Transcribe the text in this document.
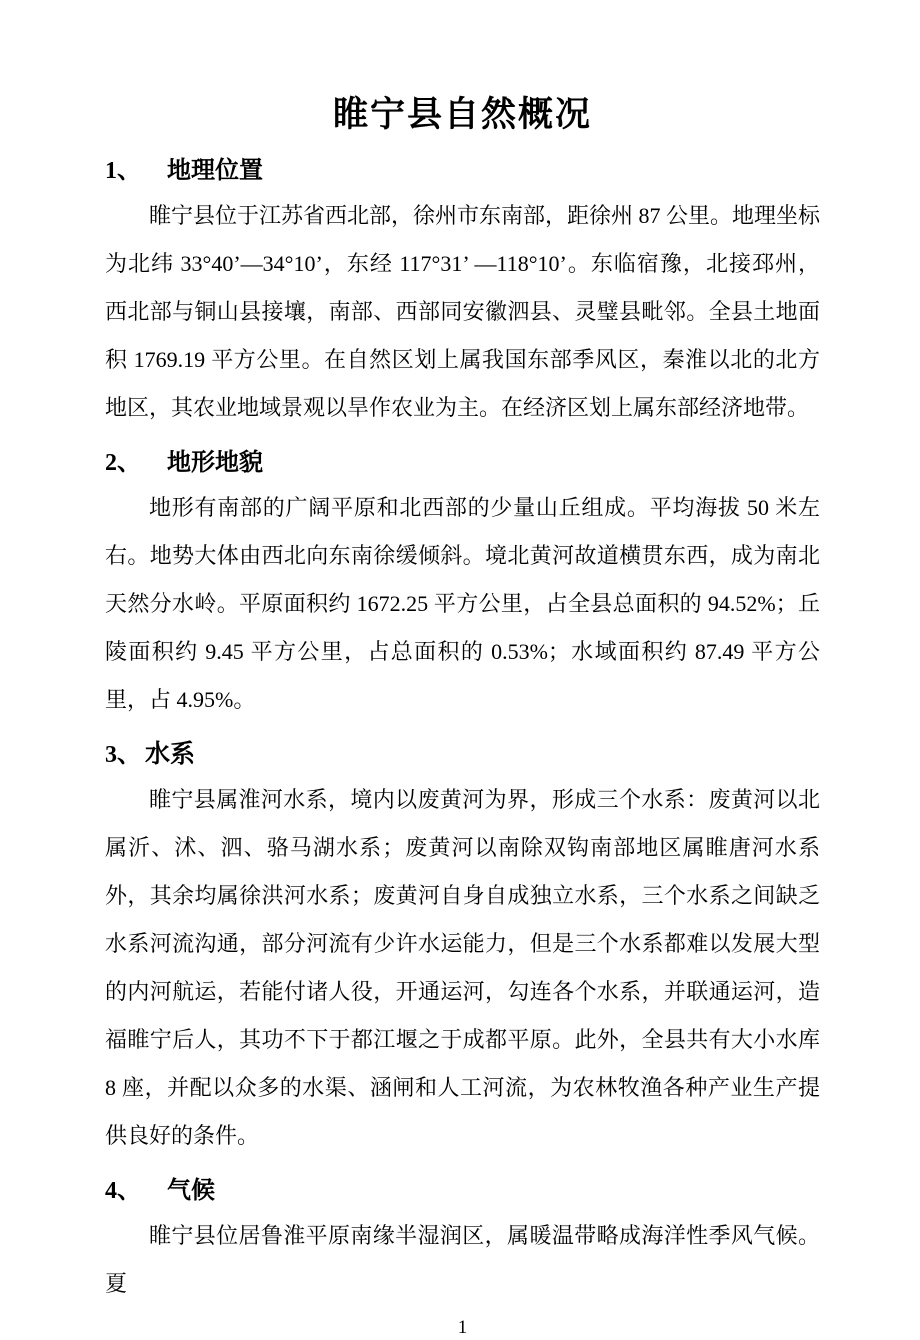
睢宁县自然概况
1、 地理位置

睢宁县位于江苏省西北部，徐州市东南部，距徐州 87 公里。地理坐标为北纬 33°40’—34°10’，东经 117°31’ —118°10’。东临宿豫，北接邳州，西北部与铜山县接壤，南部、西部同安徽泗县、灵璧县毗邻。全县土地面积 1769.19 平方公里。在自然区划上属我国东部季风区，秦淮以北的北方地区，其农业地域景观以旱作农业为主。在经济区划上属东部经济地带。

2、 地形地貌

地形有南部的广阔平原和北西部的少量山丘组成。平均海拔 50 米左右。地势大体由西北向东南徐缓倾斜。境北黄河故道横贯东西，成为南北天然分水岭。平原面积约 1672.25 平方公里，占全县总面积的 94.52%；丘陵面积约 9.45 平方公里，占总面积的 0.53%；水域面积约 87.49 平方公里，占 4.95%。

3、 水系

睢宁县属淮河水系，境内以废黄河为界，形成三个水系：废黄河以北属沂、沭、泗、骆马湖水系；废黄河以南除双钩南部地区属睢唐河水系外，其余均属徐洪河水系；废黄河自身自成独立水系，三个水系之间缺乏水系河流沟通，部分河流有少许水运能力，但是三个水系都难以发展大型的内河航运，若能付诸人役，开通运河，勾连各个水系，并联通运河，造福睢宁后人，其功不下于都江堰之于成都平原。此外，全县共有大小水库 8 座，并配以众多的水渠、涵闸和人工河流，为农林牧渔各种产业生产提供良好的条件。

4、 气候

睢宁县位居鲁淮平原南缘半湿润区，属暖温带略成海洋性季风气候。夏

1
